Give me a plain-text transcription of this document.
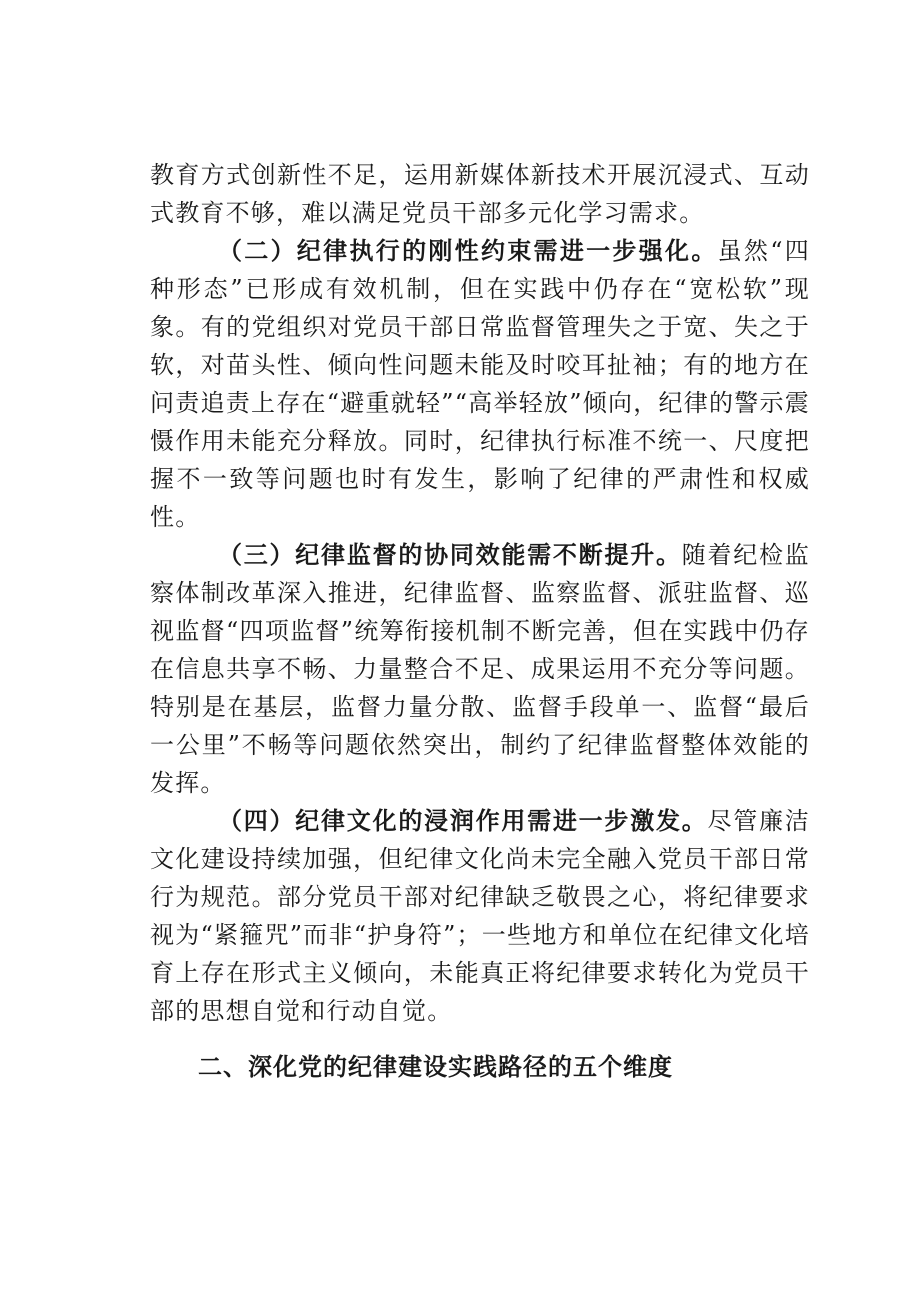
教育方式创新性不足，运用新媒体新技术开展沉浸式、互动式教育不够，难以满足党员干部多元化学习需求。

（二）纪律执行的刚性约束需进一步强化。虽然“四种形态”已形成有效机制，但在实践中仍存在“宽松软”现象。有的党组织对党员干部日常监督管理失之于宽、失之于软，对苗头性、倾向性问题未能及时咬耳扯袖；有的地方在问责追责上存在“避重就轻”“高举轻放”倾向，纪律的警示震慑作用未能充分释放。同时，纪律执行标准不统一、尺度把握不一致等问题也时有发生，影响了纪律的严肃性和权威性。

（三）纪律监督的协同效能需不断提升。随着纪检监察体制改革深入推进，纪律监督、监察监督、派驻监督、巡视监督“四项监督”统筹衔接机制不断完善，但在实践中仍存在信息共享不畅、力量整合不足、成果运用不充分等问题。特别是在基层，监督力量分散、监督手段单一、监督“最后一公里”不畅等问题依然突出，制约了纪律监督整体效能的发挥。

（四）纪律文化的浸润作用需进一步激发。尽管廉洁文化建设持续加强，但纪律文化尚未完全融入党员干部日常行为规范。部分党员干部对纪律缺乏敬畏之心，将纪律要求视为“紧箍咒”而非“护身符”；一些地方和单位在纪律文化培育上存在形式主义倾向，未能真正将纪律要求转化为党员干部的思想自觉和行动自觉。

二、深化党的纪律建设实践路径的五个维度
